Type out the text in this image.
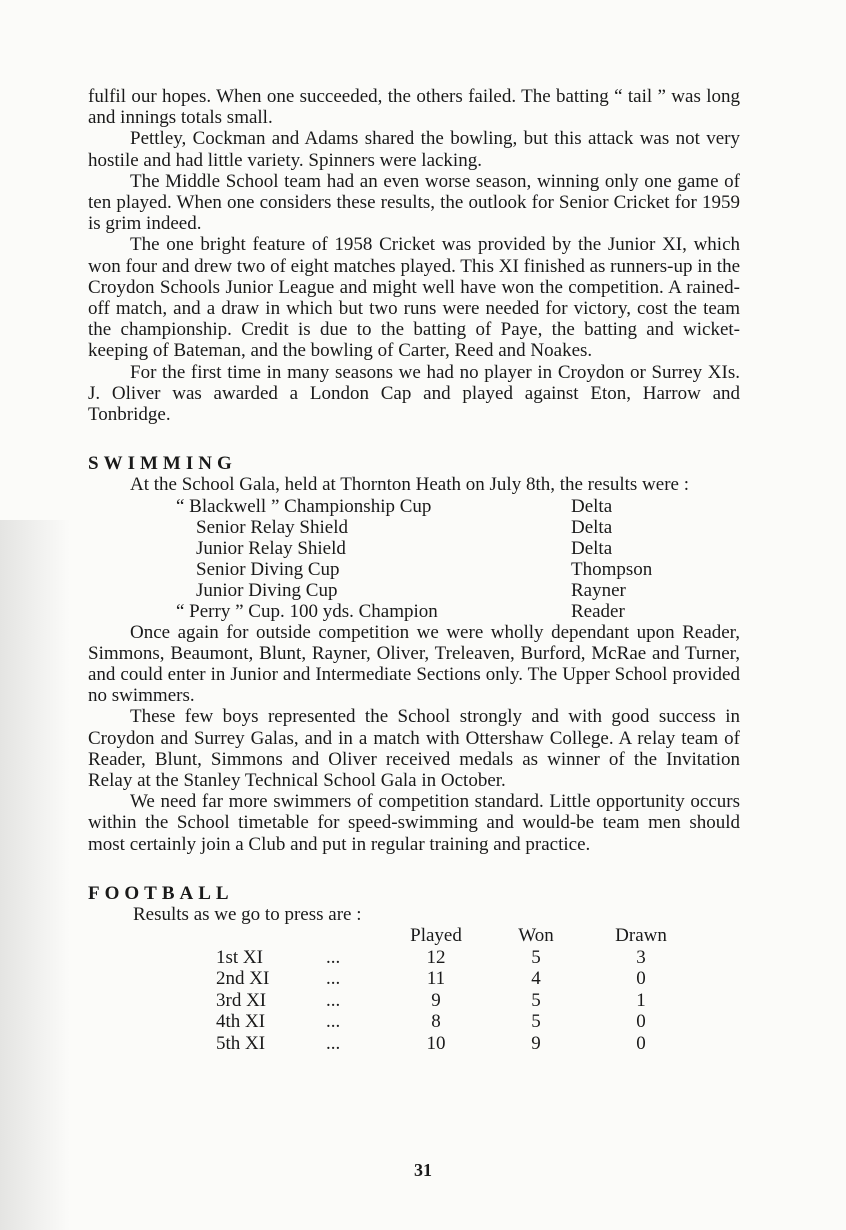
fulfil our hopes. When one succeeded, the others failed. The batting “ tail ” was long and innings totals small.

Pettley, Cockman and Adams shared the bowling, but this attack was not very hostile and had little variety. Spinners were lacking.

The Middle School team had an even worse season, winning only one game of ten played. When one considers these results, the outlook for Senior Cricket for 1959 is grim indeed.

The one bright feature of 1958 Cricket was provided by the Junior XI, which won four and drew two of eight matches played. This XI finished as runners-up in the Croydon Schools Junior League and might well have won the competition. A rained-off match, and a draw in which but two runs were needed for victory, cost the team the championship. Credit is due to the batting of Paye, the batting and wicket-keeping of Bateman, and the bowling of Carter, Reed and Noakes.

For the first time in many seasons we had no player in Croydon or Surrey XIs. J. Oliver was awarded a London Cap and played against Eton, Harrow and Tonbridge.

SWIMMING

At the School Gala, held at Thornton Heath on July 8th, the results were :

“ Blackwell ” Championship Cup	Delta
Senior Relay Shield	Delta
Junior Relay Shield	Delta
Senior Diving Cup	Thompson
Junior Diving Cup	Rayner
“ Perry ” Cup. 100 yds. Champion	Reader

Once again for outside competition we were wholly dependant upon Reader, Simmons, Beaumont, Blunt, Rayner, Oliver, Treleaven, Burford, McRae and Turner, and could enter in Junior and Intermediate Sections only. The Upper School provided no swimmers.

These few boys represented the School strongly and with good success in Croydon and Surrey Galas, and in a match with Ottershaw College. A relay team of Reader, Blunt, Simmons and Oliver received medals as winner of the Invitation Relay at the Stanley Technical School Gala in October.

We need far more swimmers of competition standard. Little opportunity occurs within the School timetable for speed-swimming and would-be team men should most certainly join a Club and put in regular training and practice.

FOOTBALL
Results as we go to press are :
		Played	Won	Drawn
1st XI	...	12	5	3
2nd XI	...	11	4	0
3rd XI	...	9	5	1
4th XI	...	8	5	0
5th XI	...	10	9	0
31
